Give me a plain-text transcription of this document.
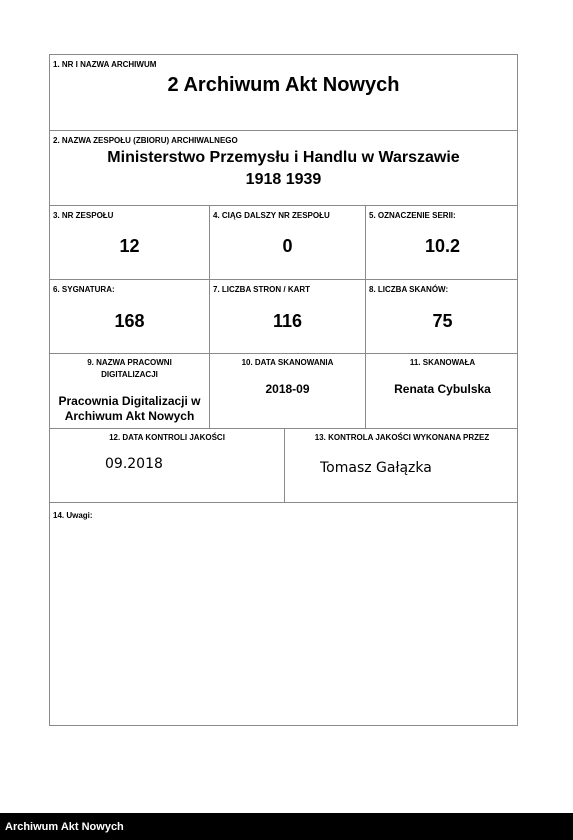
1. NR I NAZWA ARCHIWUM
2 Archiwum Akt Nowych
2. NAZWA ZESPOŁU (ZBIORU) ARCHIWALNEGO
Ministerstwo Przemysłu i Handlu w Warszawie
1918 1939
3. NR ZESPOŁU
12
4. CIĄG DALSZY NR ZESPOŁU
0
5. OZNACZENIE SERII:
10.2
6. SYGNATURA:
168
7. LICZBA STRON / KART
116
8. LICZBA SKANÓW:
75
9. NAZWA PRACOWNI DIGITALIZACJI
Pracownia Digitalizacji w Archiwum Akt Nowych
10. DATA SKANOWANIA
2018-09
11. SKANOWAŁA
Renata Cybulska
12. DATA KONTROLI JAKOŚCI
09.2018
13. KONTROLA JAKOŚCI WYKONANA PRZEZ
Tomasz Gałązka
14. Uwagi:
Archiwum Akt Nowych
